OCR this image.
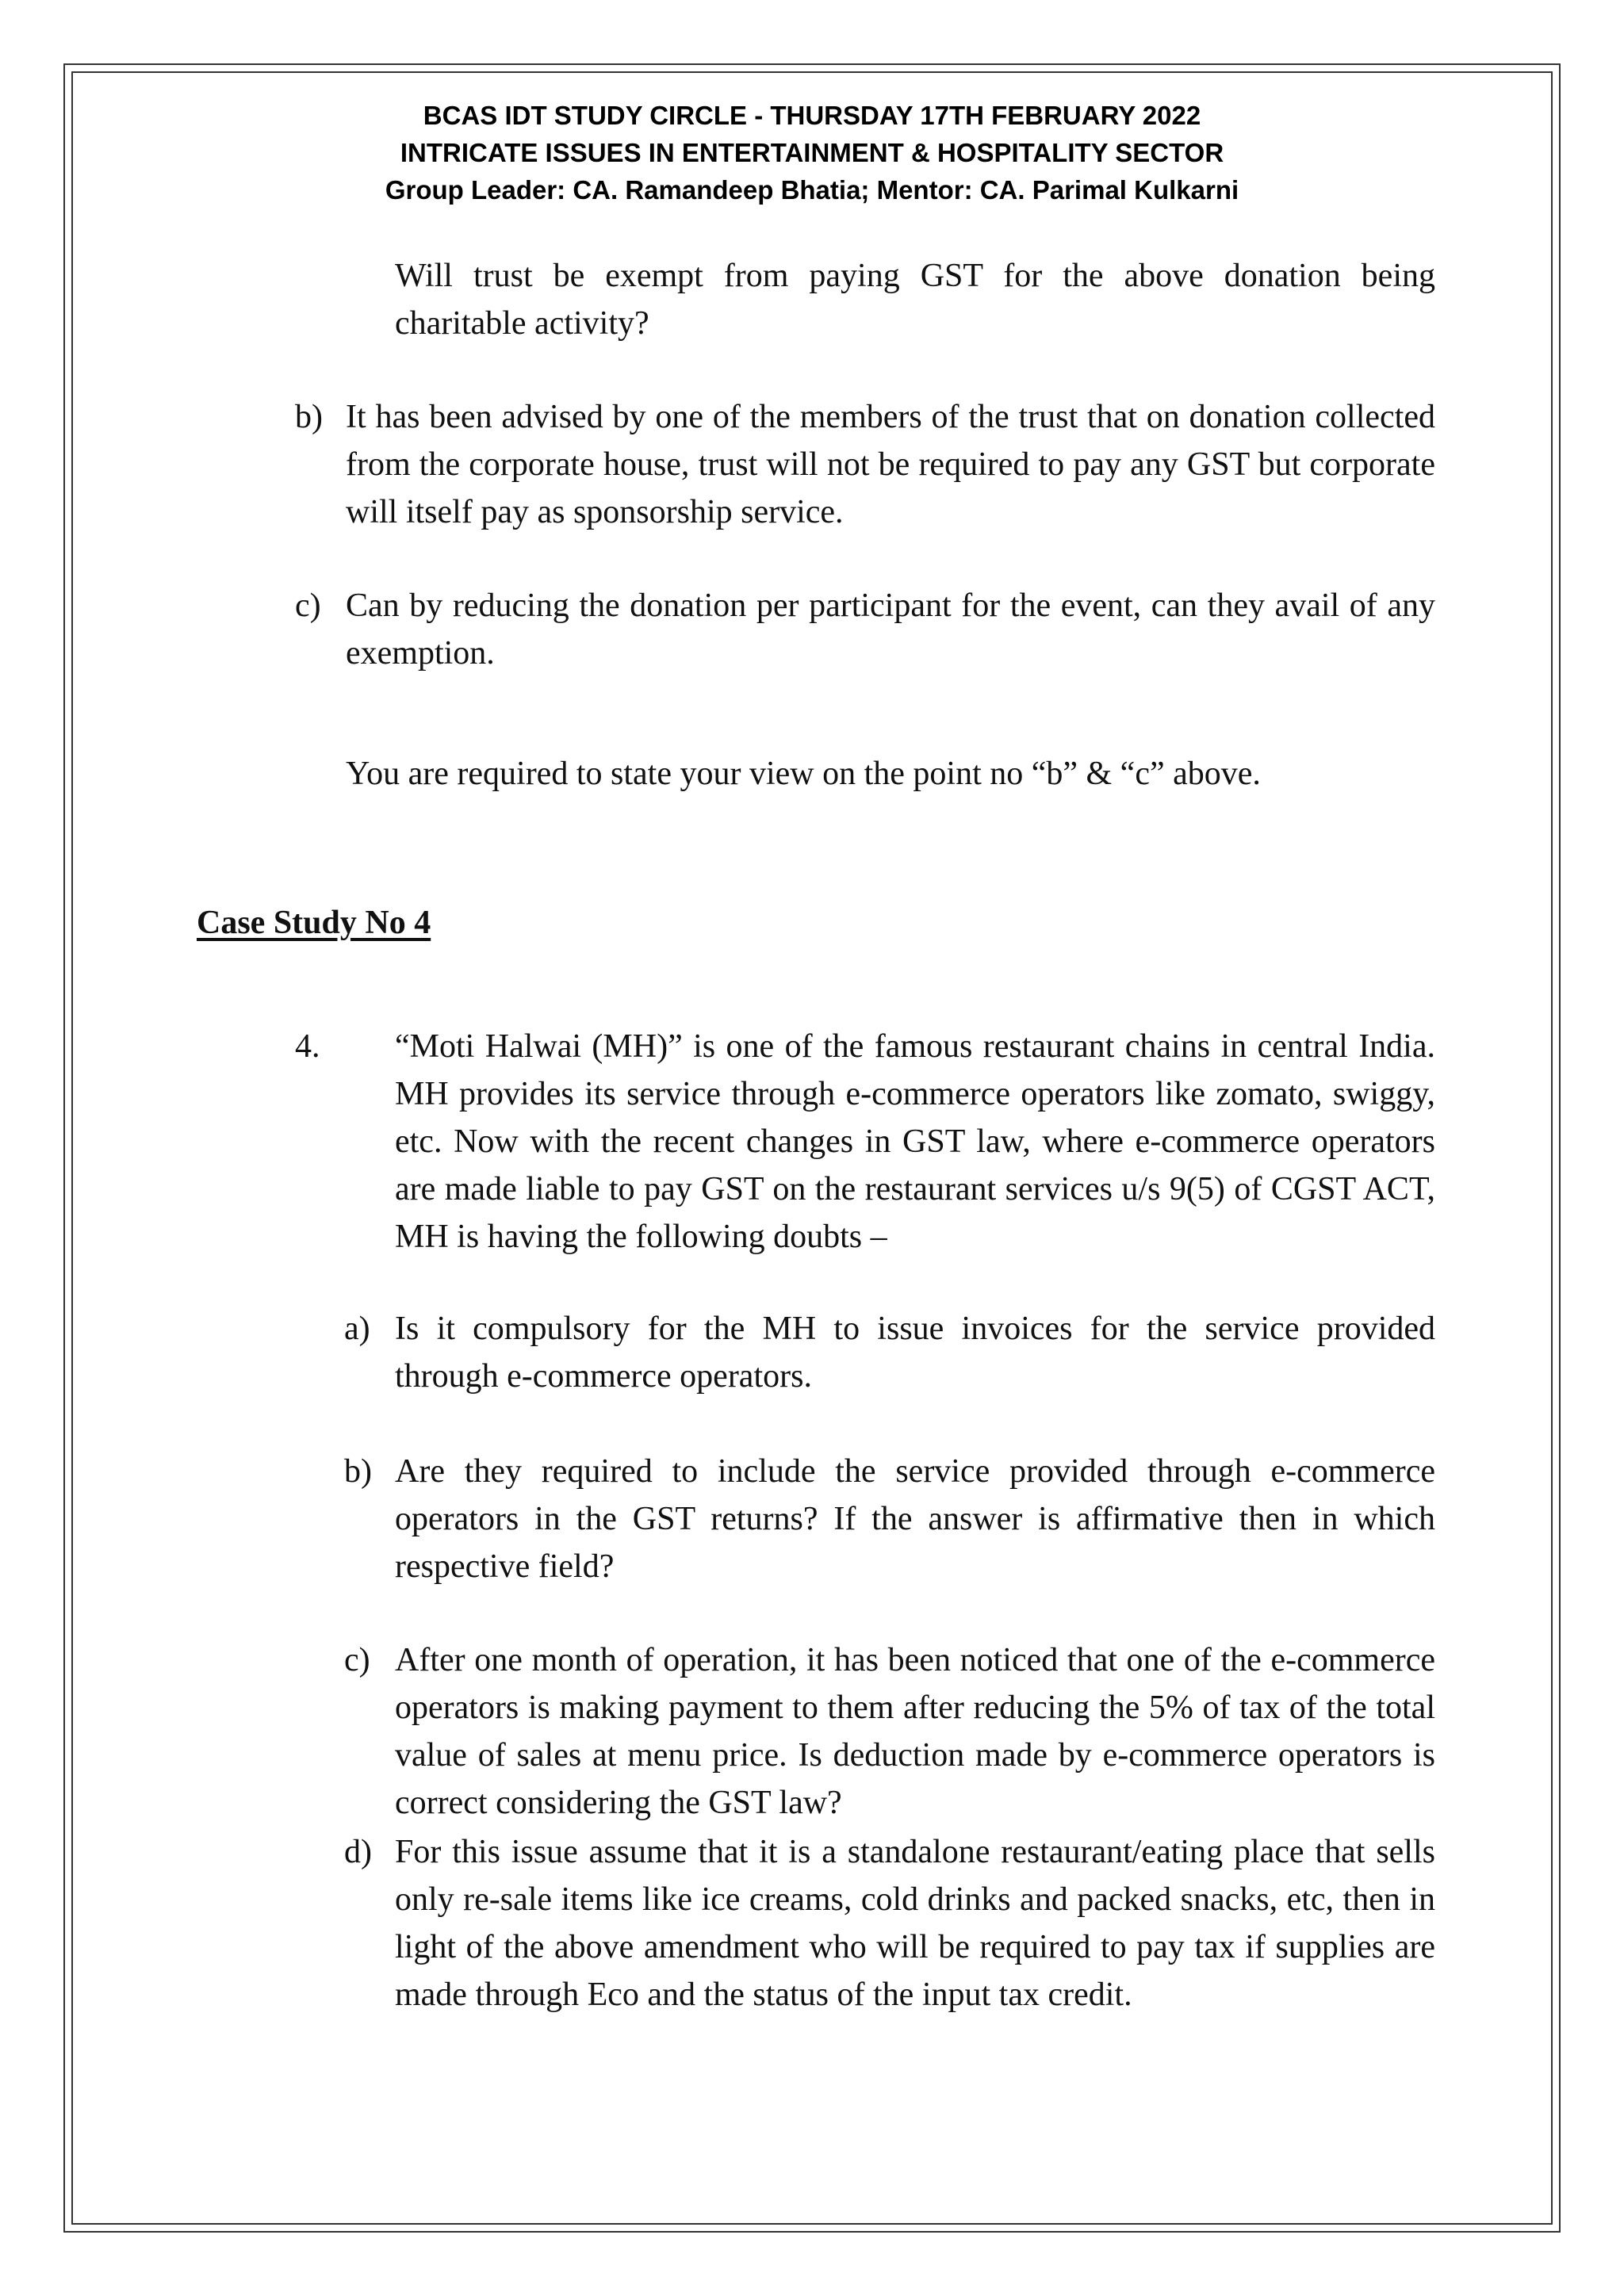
BCAS IDT STUDY CIRCLE - THURSDAY 17TH FEBRUARY 2022
INTRICATE ISSUES IN ENTERTAINMENT & HOSPITALITY SECTOR
Group Leader: CA. Ramandeep Bhatia; Mentor: CA. Parimal Kulkarni

Will trust be exempt from paying GST for the above donation being charitable activity?

b) It has been advised by one of the members of the trust that on donation collected from the corporate house, trust will not be required to pay any GST but corporate will itself pay as sponsorship service.

c) Can by reducing the donation per participant for the event, can they avail of any exemption.

You are required to state your view on the point no “b” & “c” above.

Case Study No 4
4. “Moti Halwai (MH)” is one of the famous restaurant chains in central India. MH provides its service through e-commerce operators like zomato, swiggy, etc. Now with the recent changes in GST law, where e-commerce operators are made liable to pay GST on the restaurant services u/s 9(5) of CGST ACT, MH is having the following doubts –

a) Is it compulsory for the MH to issue invoices for the service provided through e-commerce operators.

b) Are they required to include the service provided through e-commerce operators in the GST returns? If the answer is affirmative then in which respective field?

c) After one month of operation, it has been noticed that one of the e-commerce operators is making payment to them after reducing the 5% of tax of the total value of sales at menu price. Is deduction made by e-commerce operators is correct considering the GST law?

d) For this issue assume that it is a standalone restaurant/eating place that sells only re-sale items like ice creams, cold drinks and packed snacks, etc, then in light of the above amendment who will be required to pay tax if supplies are made through Eco and the status of the input tax credit.
